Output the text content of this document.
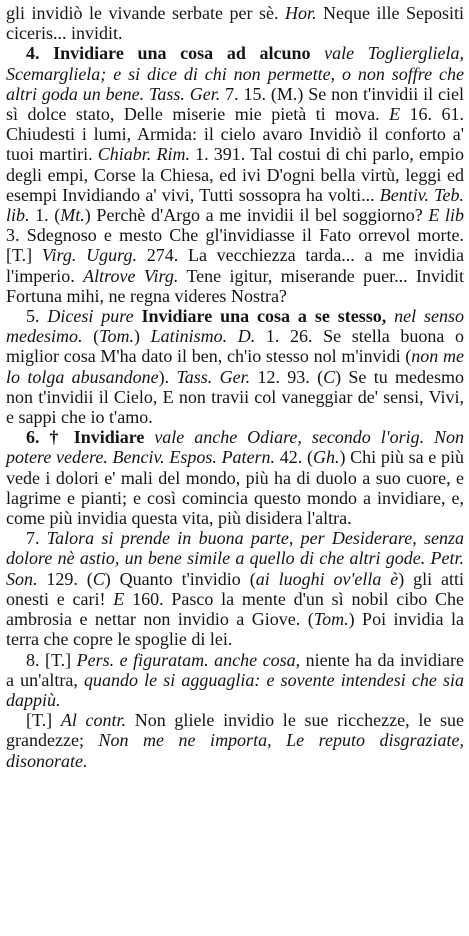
gli invidiò le vivande serbate per sè. Hor. Neque ille Sepositi ciceris... invidit.

4. Invidiare una cosa ad alcuno vale Toglierglielа, Scemarglielа; e si dice di chi non permette, o non soffre che altri goda un bene. Tass. Ger. 7. 15. (M.) Se non t'invidii il ciel sì dolce stato, Delle miserie mie pietà ti mova. E 16. 61. Chiudesti i lumi, Armida: il cielo avaro Invidiò il conforto a' tuoi martiri. Chiabr. Rim. 1. 391. Tal costui di chi parlo, empio degli empi, Corse la Chiesa, ed ivi D'ogni bella virtù, leggi ed esempi Invidiando a' vivi, Tutti sossopra ha volti... Bentiv. Teb. lib. 1. (Mt.) Perchè d'Argo a me invidii il bel soggiorno? E lib 3. Sdegnoso e mesto Che gl'invidiasse il Fato orrevol morte. [T.] Virg. Ugurg. 274. La vecchiezza tarda... a me invidia l'imperio. Altrove Virg. Tene igitur, miserande puer... Invidit Fortuna mihi, ne regna videres Nostra?

5. Dicesi pure Invidiare una cosa a se stesso, nel senso medesimo. (Tom.) Latinismo. D. 1. 26. Se stella buona o miglior cosa M'ha dato il ben, ch'io stesso nol m'invidi (non me lo tolga abusandone). Tass. Ger. 12. 93. (C) Se tu medesmo non t'invidii il Cielo, E non travii col vaneggiar de' sensi, Vivi, e sappi che io t'amo.

6. † Invidiare vale anche Odiare, secondo l'orig. Non potere vedere. Benciv. Espos. Patern. 42. (Gh.) Chi più sa e più vede i dolori e' mali del mondo, più ha di duolo a suo cuore, e lagrime e pianti; e così comincia questo mondo a invidiare, e, come più invidia questa vita, più disidera l'altra.

7. Talora si prende in buona parte, per Desiderare, senza dolore nè astio, un bene simile a quello di che altri gode. Petr. Son. 129. (C) Quanto t'invidio (ai luoghi ov'ella è) gli atti onesti e cari! E 160. Pasco la mente d'un sì nobil cibo Che ambrosia e nettar non invidio a Giove. (Tom.) Poi invidia la terra che copre le spoglie di lei.

8. [T.] Pers. e figuratam. anche cosa, niente ha da invidiare a un'altra, quando le si agguaglia: e sovente intendesi che sia dappiù.

[T.] Al contr. Non gliele invidio le sue ricchezze, le sue grandezze; Non me ne importa, Le reputo disgraziate, disonorate.
